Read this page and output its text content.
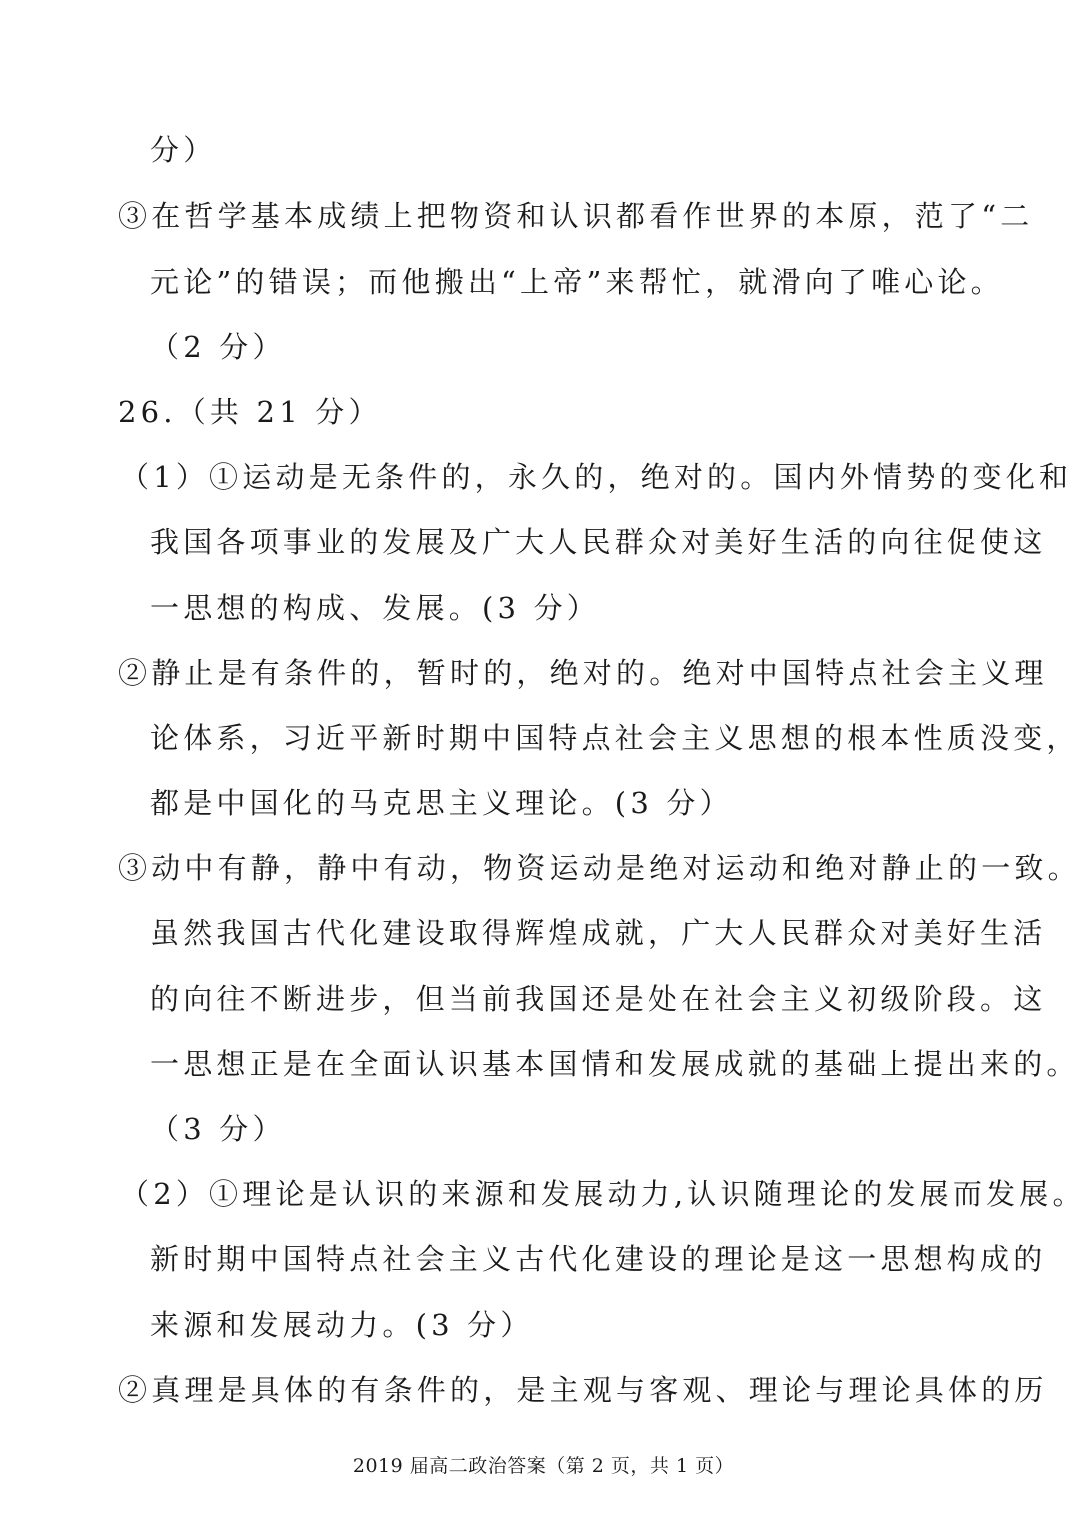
分）
③在哲学基本成绩上把物资和认识都看作世界的本原，范了“二
元论”的错误；而他搬出“上帝”来帮忙，就滑向了唯心论。
（2 分）
26.（共 21 分）
（1）①运动是无条件的，永久的，绝对的。国内外情势的变化和
我国各项事业的发展及广大人民群众对美好生活的向往促使这
一思想的构成、发展。(3 分）
②静止是有条件的，暂时的，绝对的。绝对中国特点社会主义理
论体系，习近平新时期中国特点社会主义思想的根本性质没变，
都是中国化的马克思主义理论。(3 分）
③动中有静，静中有动，物资运动是绝对运动和绝对静止的一致。
虽然我国古代化建设取得辉煌成就，广大人民群众对美好生活
的向往不断进步，但当前我国还是处在社会主义初级阶段。这
一思想正是在全面认识基本国情和发展成就的基础上提出来的。
（3 分）
（2）①理论是认识的来源和发展动力,认识随理论的发展而发展。
新时期中国特点社会主义古代化建设的理论是这一思想构成的
来源和发展动力。(3 分）
②真理是具体的有条件的，是主观与客观、理论与理论具体的历
2019 届高二政治答案（第 2 页，共 1 页）
